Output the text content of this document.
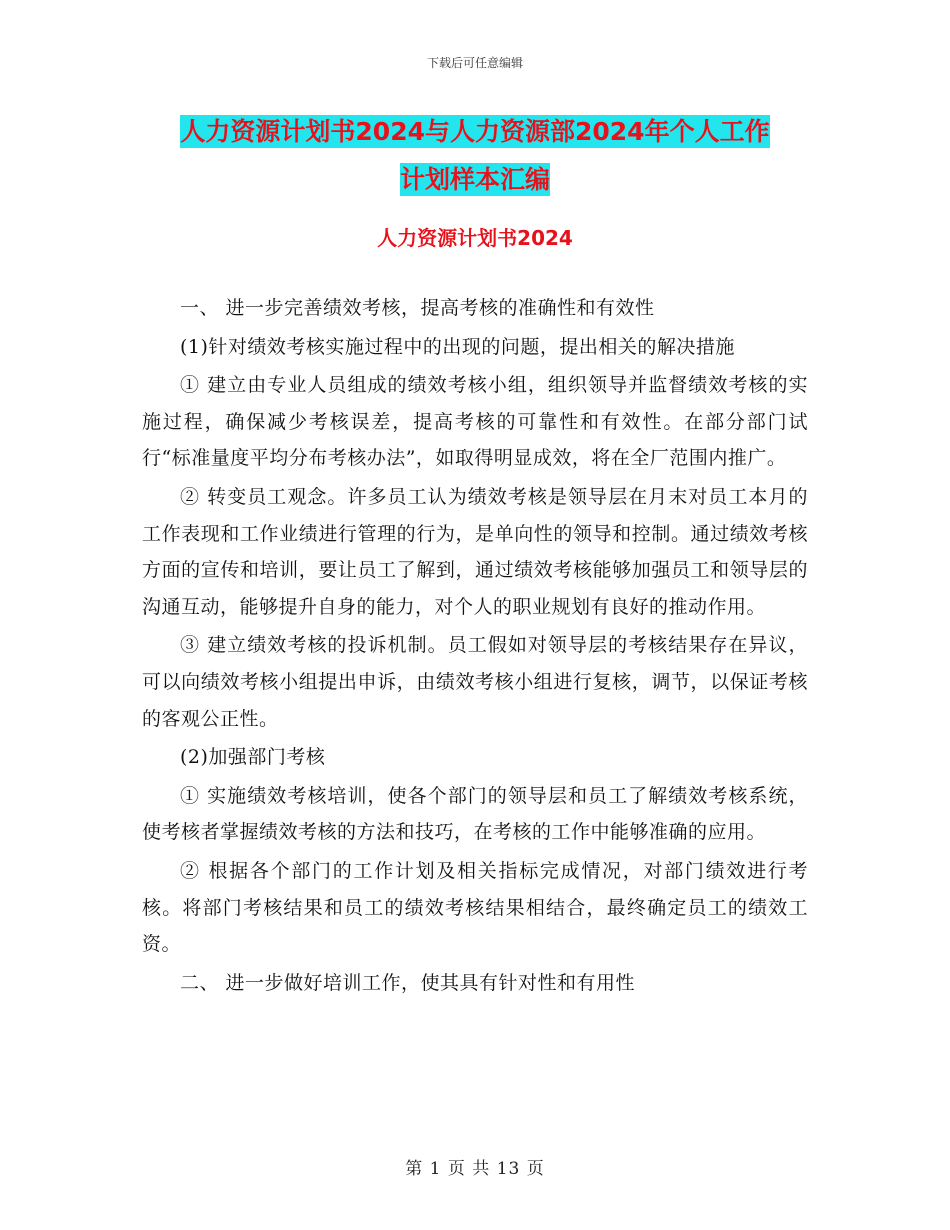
下载后可任意编辑
人力资源计划书2024与人力资源部2024年个人工作
计划样本汇编
人力资源计划书2024

一、 进一步完善绩效考核，提高考核的准确性和有效性

(1)针对绩效考核实施过程中的出现的问题，提出相关的解决措施

① 建立由专业人员组成的绩效考核小组，组织领导并监督绩效考核的实施过程，确保减少考核误差，提高考核的可靠性和有效性。在部分部门试行“标准量度平均分布考核办法”，如取得明显成效，将在全厂范围内推广。

② 转变员工观念。许多员工认为绩效考核是领导层在月末对员工本月的工作表现和工作业绩进行管理的行为，是单向性的领导和控制。通过绩效考核方面的宣传和培训，要让员工了解到，通过绩效考核能够加强员工和领导层的沟通互动，能够提升自身的能力，对个人的职业规划有良好的推动作用。

③ 建立绩效考核的投诉机制。员工假如对领导层的考核结果存在异议，可以向绩效考核小组提出申诉，由绩效考核小组进行复核，调节，以保证考核的客观公正性。

(2)加强部门考核

① 实施绩效考核培训，使各个部门的领导层和员工了解绩效考核系统，使考核者掌握绩效考核的方法和技巧，在考核的工作中能够准确的应用。

② 根据各个部门的工作计划及相关指标完成情况，对部门绩效进行考核。将部门考核结果和员工的绩效考核结果相结合，最终确定员工的绩效工资。

二、 进一步做好培训工作，使其具有针对性和有用性

第 1 页 共 13 页
